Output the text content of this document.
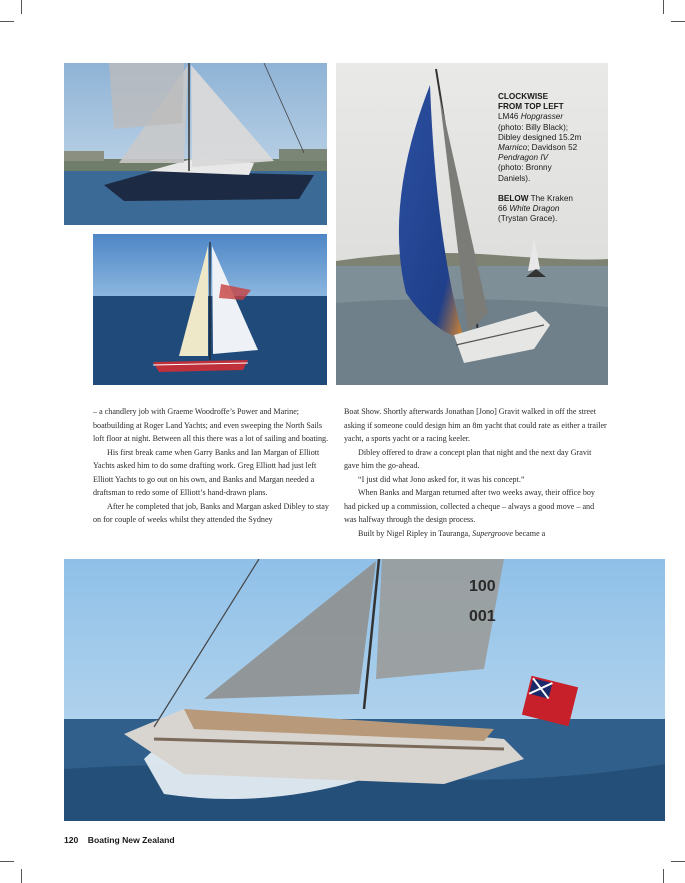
CLOCKWISE
FROM TOP LEFT
LM46 Hopgrasser
(photo: Billy Black);
Dibley designed 15.2m
Marnico; Davidson 52
Pendragon IV
(photo: Bronny
Daniels).
BELOW The Kraken
66 White Dragon
(Trystan Grace).

– a chandlery job with Graeme Woodroffe’s Power and Marine; boatbuilding at Roger Land Yachts; and even sweeping the North Sails loft floor at night. Between all this there was a lot of sailing and boating.

His first break came when Garry Banks and Ian Margan of Elliott Yachts asked him to do some drafting work. Greg Elliott had just left Elliott Yachts to go out on his own, and Banks and Margan needed a draftsman to redo some of Elliott’s hand-drawn plans.

After he completed that job, Banks and Margan asked Dibley to stay on for couple of weeks whilst they attended the Sydney

Boat Show. Shortly afterwards Jonathan [Jono] Gravit walked in off the street asking if someone could design him an 8m yacht that could rate as either a trailer yacht, a sports yacht or a racing keeler.

Dibley offered to draw a concept plan that night and the next day Gravit gave him the go-ahead.

“I just did what Jono asked for, it was his concept.”

When Banks and Margan returned after two weeks away, their office boy had picked up a commission, collected a cheque – always a good move – and was halfway through the design process.

Built by Nigel Ripley in Tauranga, Supergroove became a

100
001
120 Boating New Zealand
